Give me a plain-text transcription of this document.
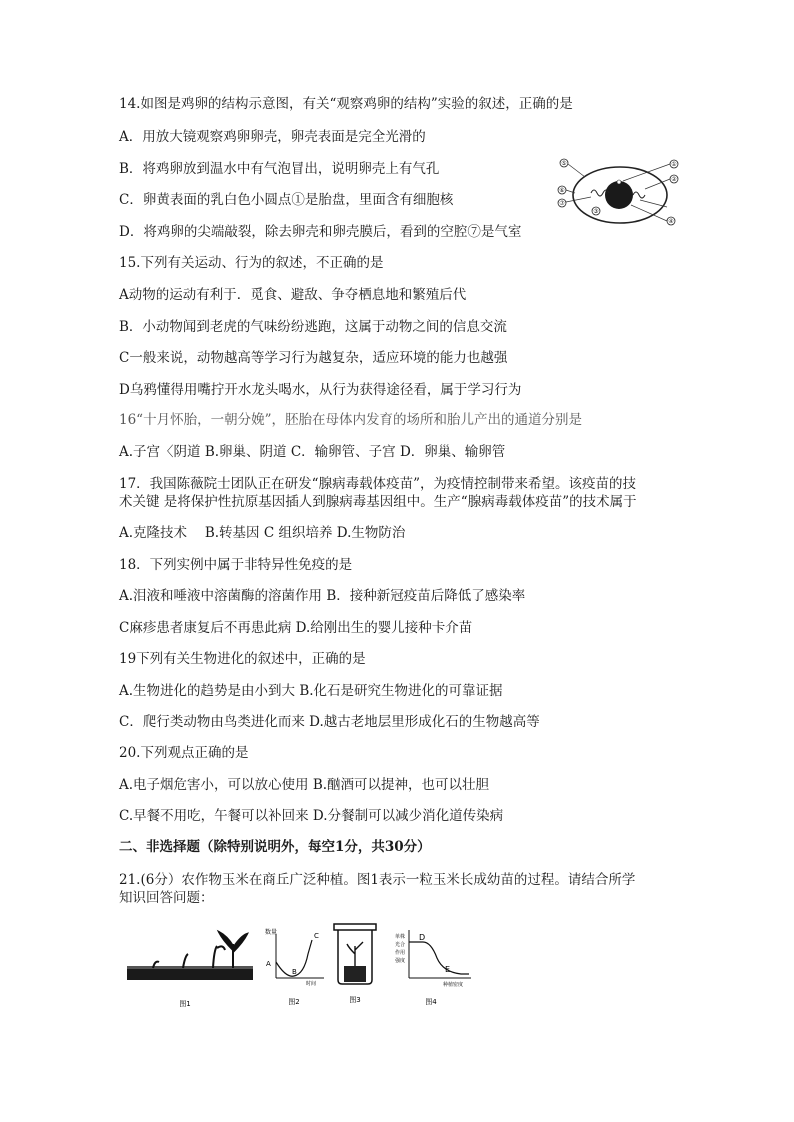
14.如图是鸡卵的结构示意图，有关“观察鸡卵的结构”实验的叙述，正确的是
A．用放大镜观察鸡卵卵壳，卵壳表面是完全光滑的
B．将鸡卵放到温水中有气泡冒出，说明卵壳上有气孔
C．卵黄表面的乳白色小圆点①是胎盘，里面含有细胞核
D．将鸡卵的尖端敲裂，除去卵壳和卵壳膜后，看到的空腔⑦是气室
15.下列有关运动、行为的叙述，不正确的是
A动物的运动有利于．觅食、避敌、争夺栖息地和繁殖后代
B．小动物闻到老虎的气味纷纷逃跑，这属于动物之间的信息交流
C一般来说，动物越高等学习行为越复杂，适应环境的能力也越强
D乌鸦懂得用嘴拧开水龙头喝水，从行为获得途径看，属于学习行为
16“十月怀胎，一朝分娩”，胚胎在母体内发育的场所和胎儿产出的通道分别是
A.子宫〈阴道 B.卵巢、阴道 C．输卵管、子宫 D．卵巢、输卵管
17．我国陈薇院士团队正在研发“腺病毒载体疫苗”，为疫情控制带来希望。该疫苗的技
术关键 是将保护性抗原基因插人到腺病毒基因组中。生产“腺病毒载体疫苗”的技术属于
A.克隆技术　 B.转基因 C 组织培养 D.生物防治
18．下列实例中属于非特异性免疫的是
A.泪液和唾液中溶菌酶的溶菌作用 B．接种新冠疫苗后降低了感染率
C麻疹患者康复后不再患此病 D.给刚出生的婴儿接种卡介苗
19下列有关生物进化的叙述中，正确的是
A.生物进化的趋势是由小到大 B.化石是研究生物进化的可靠证据
C．爬行类动物由鸟类进化而来 D.越古老地层里形成化石的生物越高等
20.下列观点正确的是
A.电子烟危害小，可以放心使用 B.酗酒可以提神，也可以壮胆
C.早餐不用吃，午餐可以补回来 D.分餐制可以减少消化道传染病
二、非选择题（除特别说明外，每空1分，共30分）
21.(6分）农作物玉米在商丘广泛种植。图1表示一粒玉米长成幼苗的过程。请结合所学
知识回答问题：
⑤
⑥
⑦
③
①
②
④
图1
数量
时间
A
B
C
图2	图3
单株
光合
作用
强度
种植密度
D
E
图4
